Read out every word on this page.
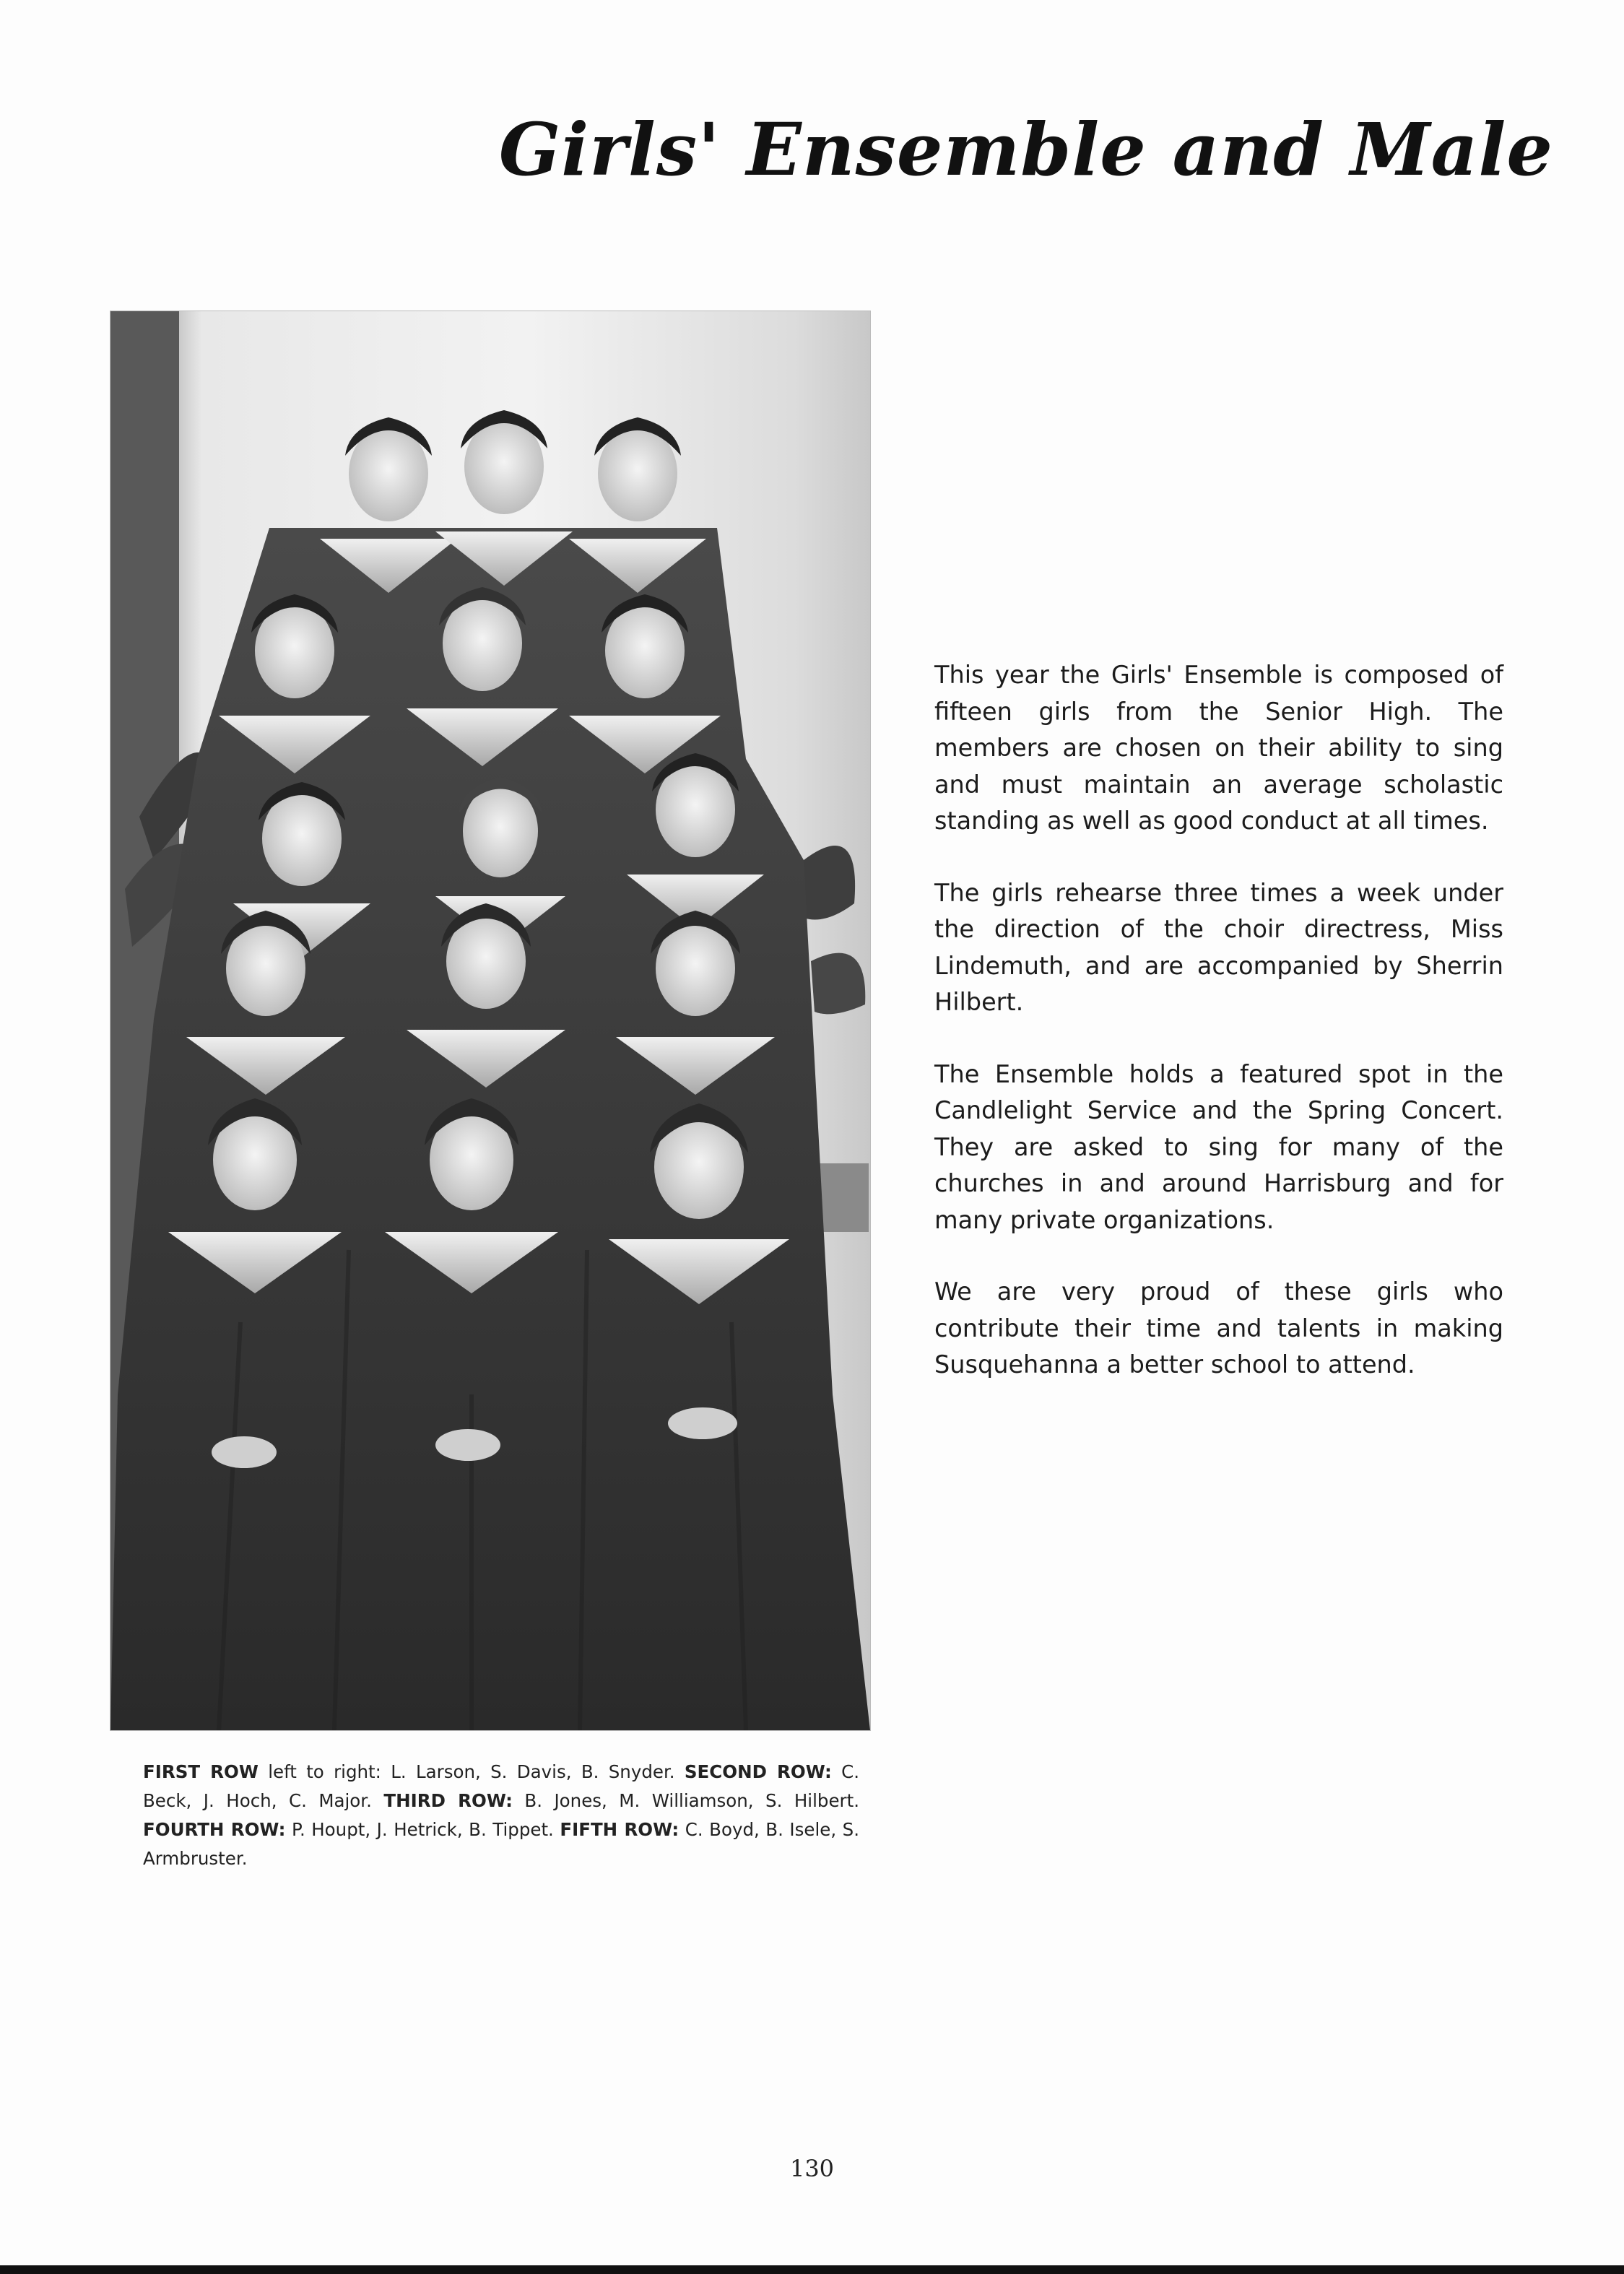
Girls' Ensemble and Male

This year the Girls' Ensemble is composed of fifteen girls from the Senior High. The members are chosen on their ability to sing and must maintain an average scholastic standing as well as good conduct at all times.

The girls rehearse three times a week under the direction of the choir directress, Miss Lindemuth, and are accompanied by Sherrin Hilbert.

The Ensemble holds a featured spot in the Candlelight Service and the Spring Concert. They are asked to sing for many of the churches in and around Harrisburg and for many private organizations.

We are very proud of these girls who contribute their time and talents in making Susquehanna a better school to attend.

FIRST ROW left to right: L. Larson, S. Davis, B. Snyder. SECOND ROW: C. Beck, J. Hoch, C. Major. THIRD ROW: B. Jones, M. Williamson, S. Hilbert. FOURTH ROW: P. Houpt, J. Hetrick, B. Tippet. FIFTH ROW: C. Boyd, B. Isele, S. Armbruster.
130
